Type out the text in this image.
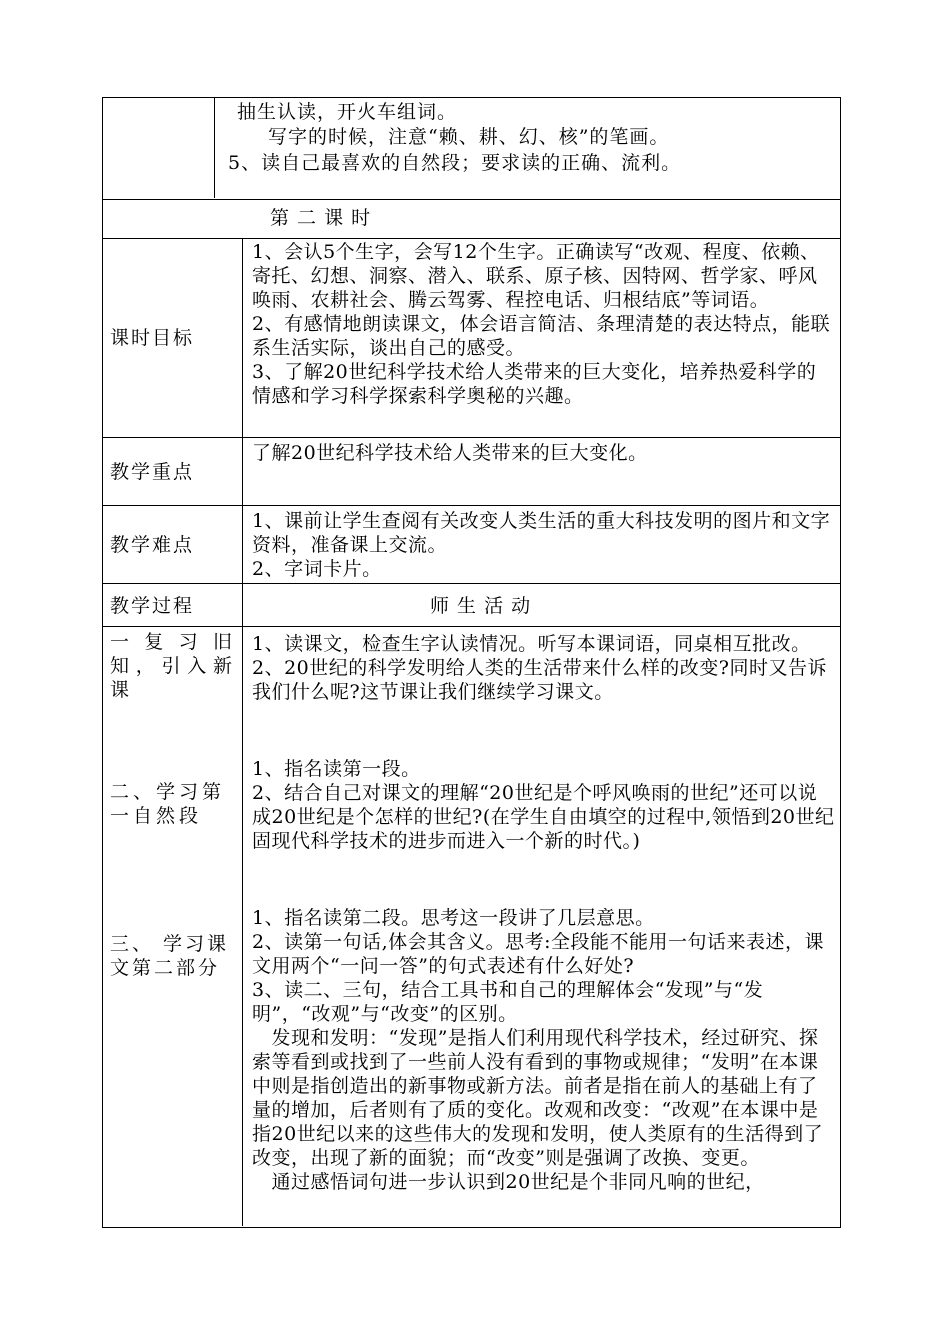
抽生认读，开火车组词。
写字的时候，注意“赖、耕、幻、核”的笔画。
5、读自己最喜欢的自然段；要求读的正确、流利。
第 二 课 时
课时目标
1、会认5个生字，会写12个生字。正确读写“改观、程度、依赖、寄托、幻想、洞察、潜入、联系、原子核、因特网、哲学家、呼风唤雨、农耕社会、腾云驾雾、程控电话、归根结底”等词语。
2、有感情地朗读课文，体会语言简洁、条理清楚的表达特点，能联系生活实际，谈出自己的感受。
3、了解20世纪科学技术给人类带来的巨大变化，培养热爱科学的情感和学习科学探索科学奥秘的兴趣。
教学重点
了解20世纪科学技术给人类带来的巨大变化。
教学难点
1、课前让学生查阅有关改变人类生活的重大科技发明的图片和文字资料，准备课上交流。
2、字词卡片。
教学过程	师 生 活 动
一复习旧知，引入新课
二、学习第一自然段
三、 学习课文第二部分
1、读课文，检查生字认读情况。听写本课词语，同桌相互批改。
2、20世纪的科学发明给人类的生活带来什么样的改变?同时又告诉我们什么呢?这节课让我们继续学习课文。
1、指名读第一段。
2、结合自己对课文的理解“20世纪是个呼风唤雨的世纪”还可以说成20世纪是个怎样的世纪?(在学生自由填空的过程中,领悟到20世纪固现代科学技术的进步而进入一个新的时代。)
1、指名读第二段。思考这一段讲了几层意思。
2、读第一句话,体会其含义。思考:全段能不能用一句话来表述，课文用两个“一问一答”的句式表述有什么好处?
3、读二、三句，结合工具书和自己的理解体会“发现”与“发明”，“改观”与“改变”的区别。
　发现和发明：“发现”是指人们利用现代科学技术，经过研究、探索等看到或找到了一些前人没有看到的事物或规律；“发明”在本课中则是指创造出的新事物或新方法。前者是指在前人的基础上有了量的增加，后者则有了质的变化。改观和改变：“改观”在本课中是指20世纪以来的这些伟大的发现和发明，使人类原有的生活得到了改变，出现了新的面貌；而“改变”则是强调了改换、变更。
　通过感悟词句进一步认识到20世纪是个非同凡响的世纪，
